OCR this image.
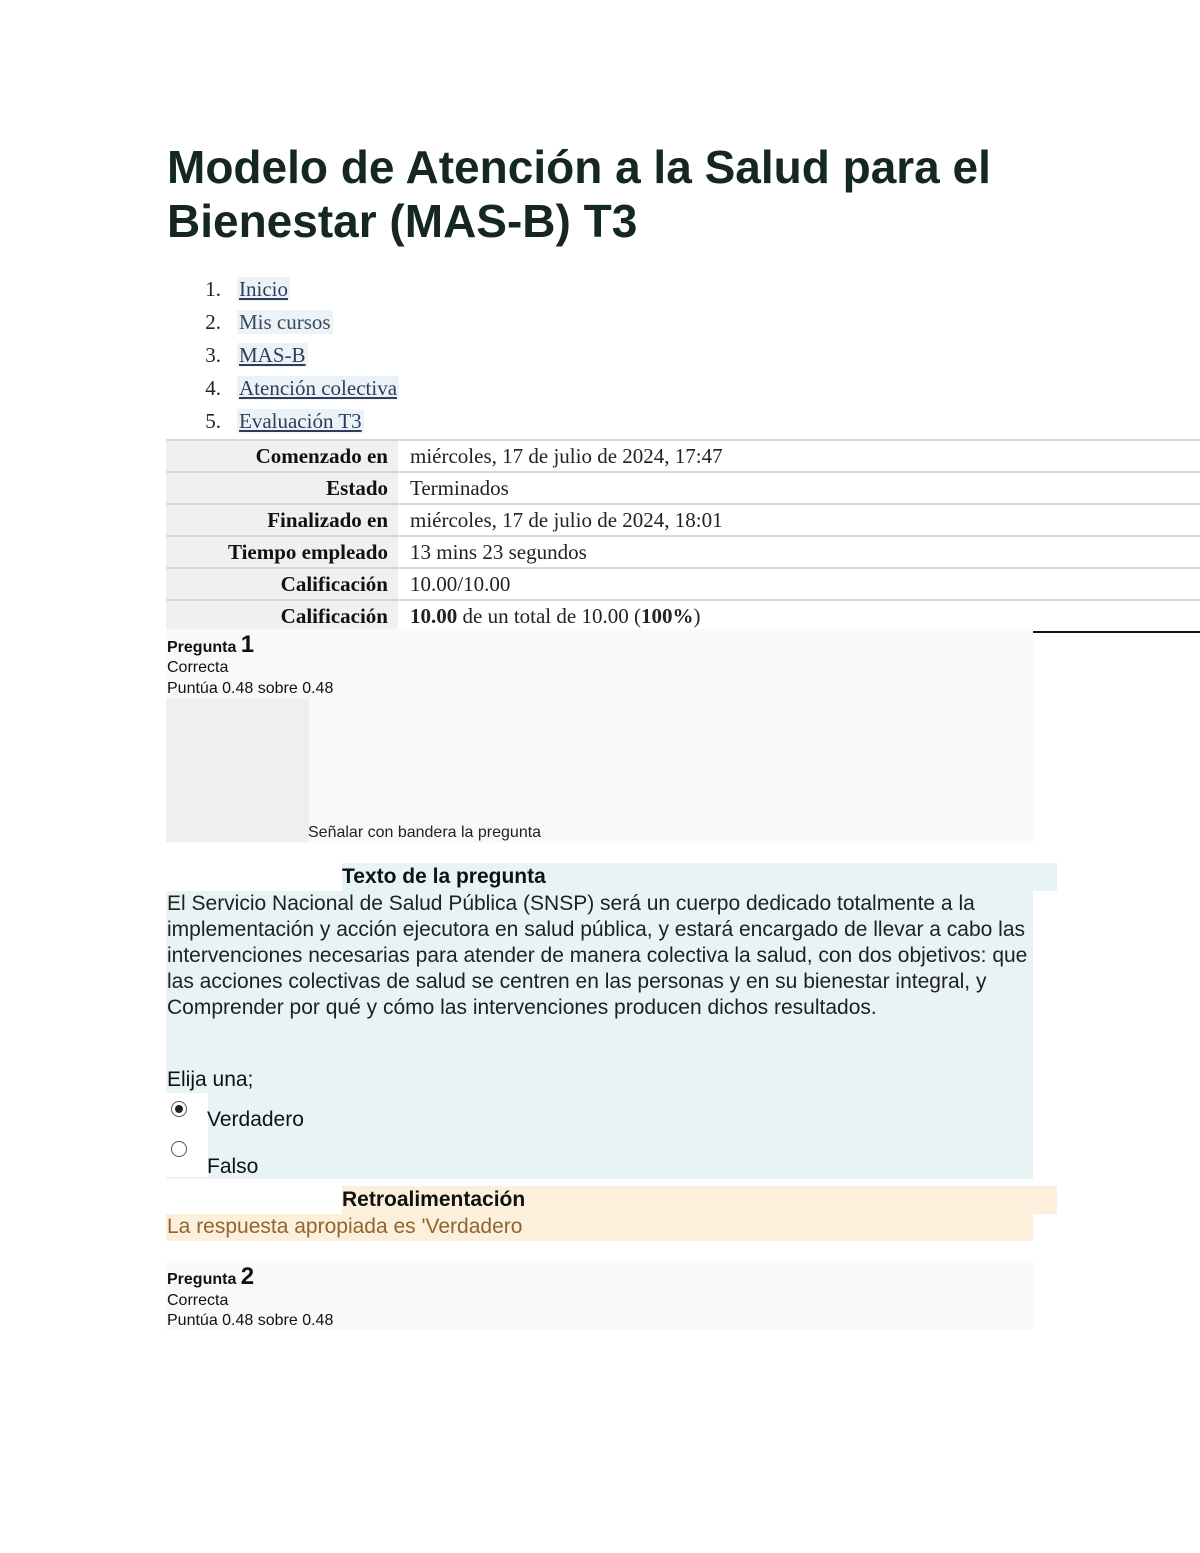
Modelo de Atención a la Salud para el Bienestar (MAS-B) T3
1. Inicio
2. Mis cursos
3. MAS-B
4. Atención colectiva
5. Evaluación T3
Comenzado en	miércoles, 17 de julio de 2024, 17:47
Estado	Terminados
Finalizado en	miércoles, 17 de julio de 2024, 18:01
Tiempo empleado	13 mins 23 segundos
Calificación	10.00/10.00
Calificación	10.00 de un total de 10.00 (100%)
Pregunta 1
Correcta
Puntúa 0.48 sobre 0.48
Señalar con bandera la pregunta
Texto de la pregunta

El Servicio Nacional de Salud Pública (SNSP) será un cuerpo dedicado totalmente a la implementación y acción ejecutora en salud pública, y estará encargado de llevar a cabo las intervenciones necesarias para atender de manera colectiva la salud, con dos objetivos: que las acciones colectivas de salud se centren en las personas y en su bienestar integral, y Comprender por qué y cómo las intervenciones producen dichos resultados.

Elija una;
Verdadero
Falso
Retroalimentación
La respuesta apropiada es 'Verdadero
Pregunta 2
Correcta
Puntúa 0.48 sobre 0.48
